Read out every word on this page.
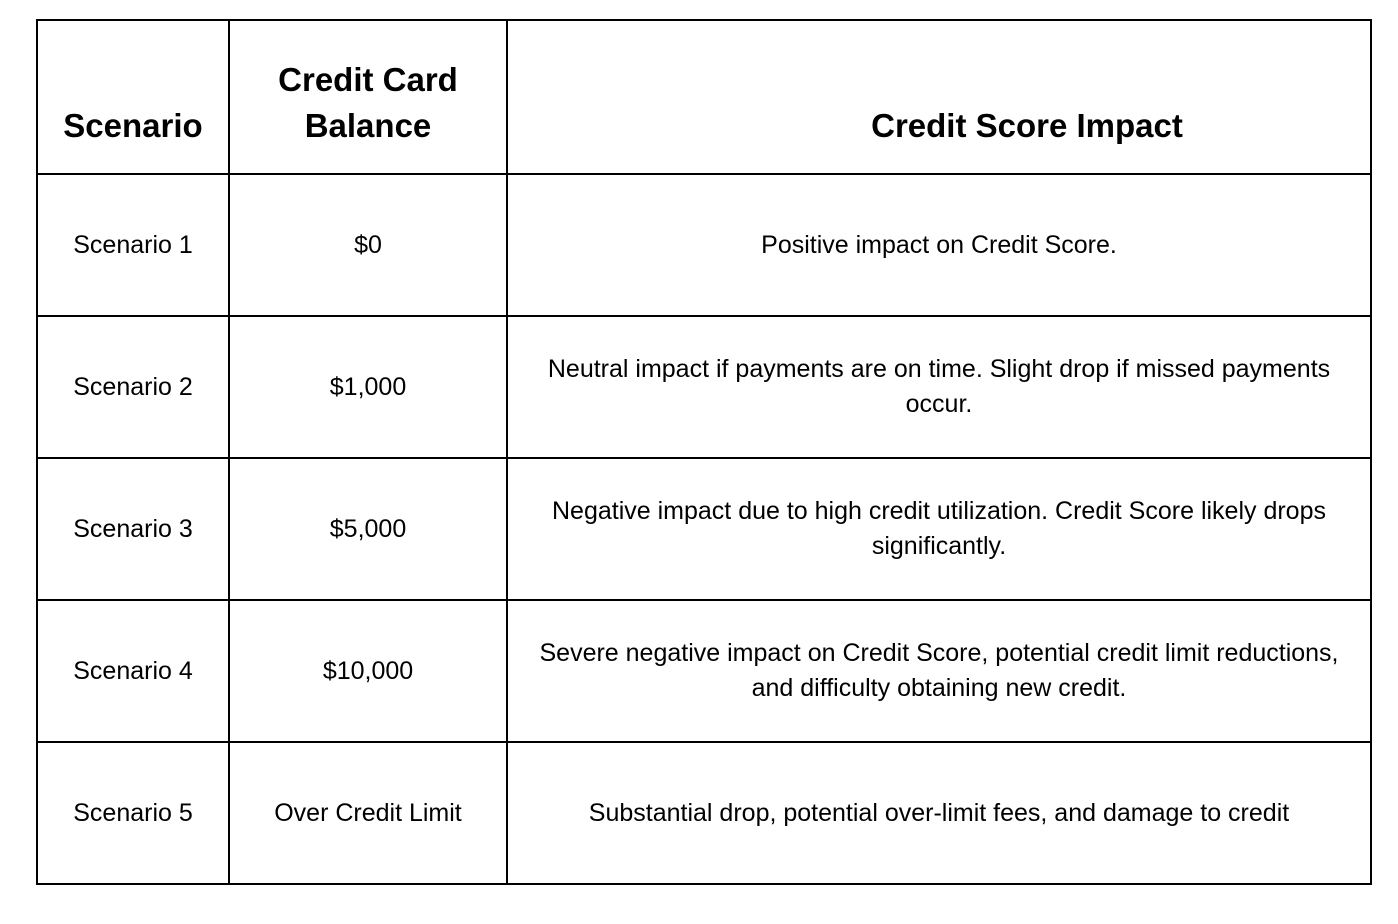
Scenario	Credit Card Balance	Credit Score Impact
Scenario 1	$0	Positive impact on Credit Score.
Scenario 2	$1,000	Neutral impact if payments are on time. Slight drop if missed payments occur.
Scenario 3	$5,000	Negative impact due to high credit utilization. Credit Score likely drops significantly.
Scenario 4	$10,000	Severe negative impact on Credit Score, potential credit limit reductions, and difficulty obtaining new credit.
Scenario 5	Over Credit Limit	Substantial drop, potential over-limit fees, and damage to credit
